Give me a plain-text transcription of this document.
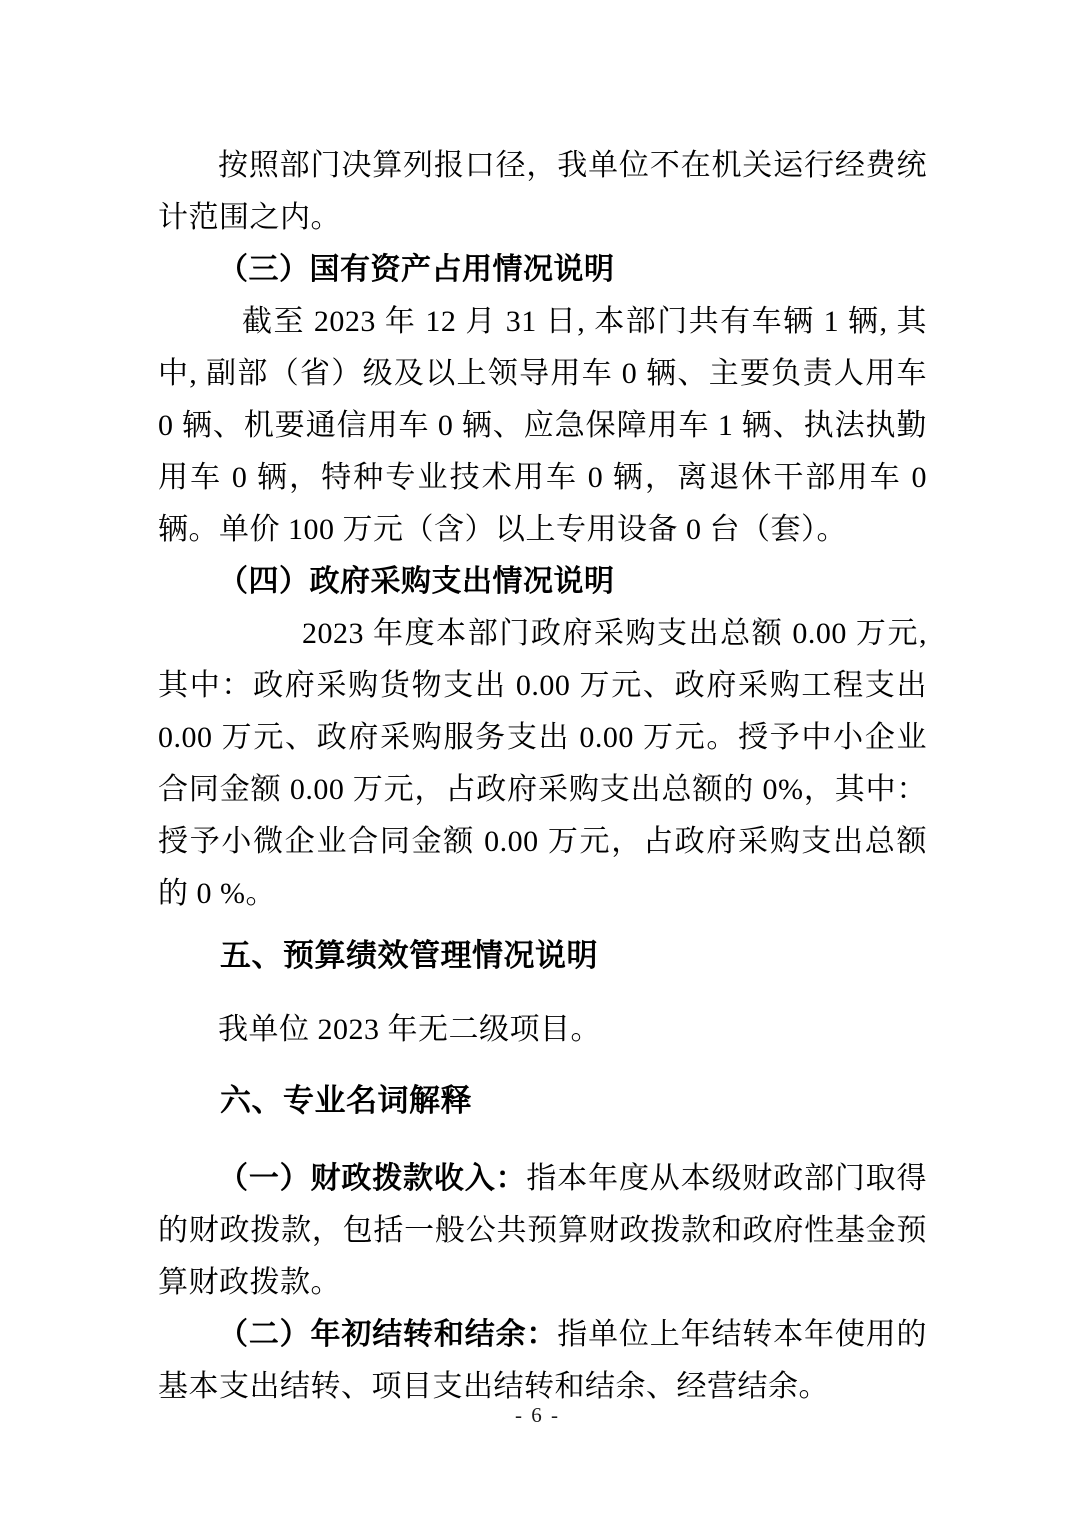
按照部门决算列报口径，我单位不在机关运行经费统计范围之内。

（三）国有资产占用情况说明

截至 2023 年 12 月 31 日, 本部门共有车辆 1 辆, 其中, 副部（省）级及以上领导用车 0 辆、主要负责人用车 0 辆、机要通信用车 0 辆、应急保障用车 1 辆、执法执勤用车 0 辆，特种专业技术用车 0 辆，离退休干部用车 0 辆。单价 100 万元（含）以上专用设备 0 台（套）。

（四）政府采购支出情况说明

2023 年度本部门政府采购支出总额 0.00 万元, 其中：政府采购货物支出 0.00 万元、政府采购工程支出 0.00 万元、政府采购服务支出 0.00 万元。授予中小企业合同金额 0.00 万元，占政府采购支出总额的 0%，其中：授予小微企业合同金额 0.00 万元，占政府采购支出总额的 0 %。

五、预算绩效管理情况说明

我单位 2023 年无二级项目。

六、专业名词解释

（一）财政拨款收入：指本年度从本级财政部门取得的财政拨款，包括一般公共预算财政拨款和政府性基金预算财政拨款。

（二）年初结转和结余：指单位上年结转本年使用的基本支出结转、项目支出结转和结余、经营结余。

- 6 -
